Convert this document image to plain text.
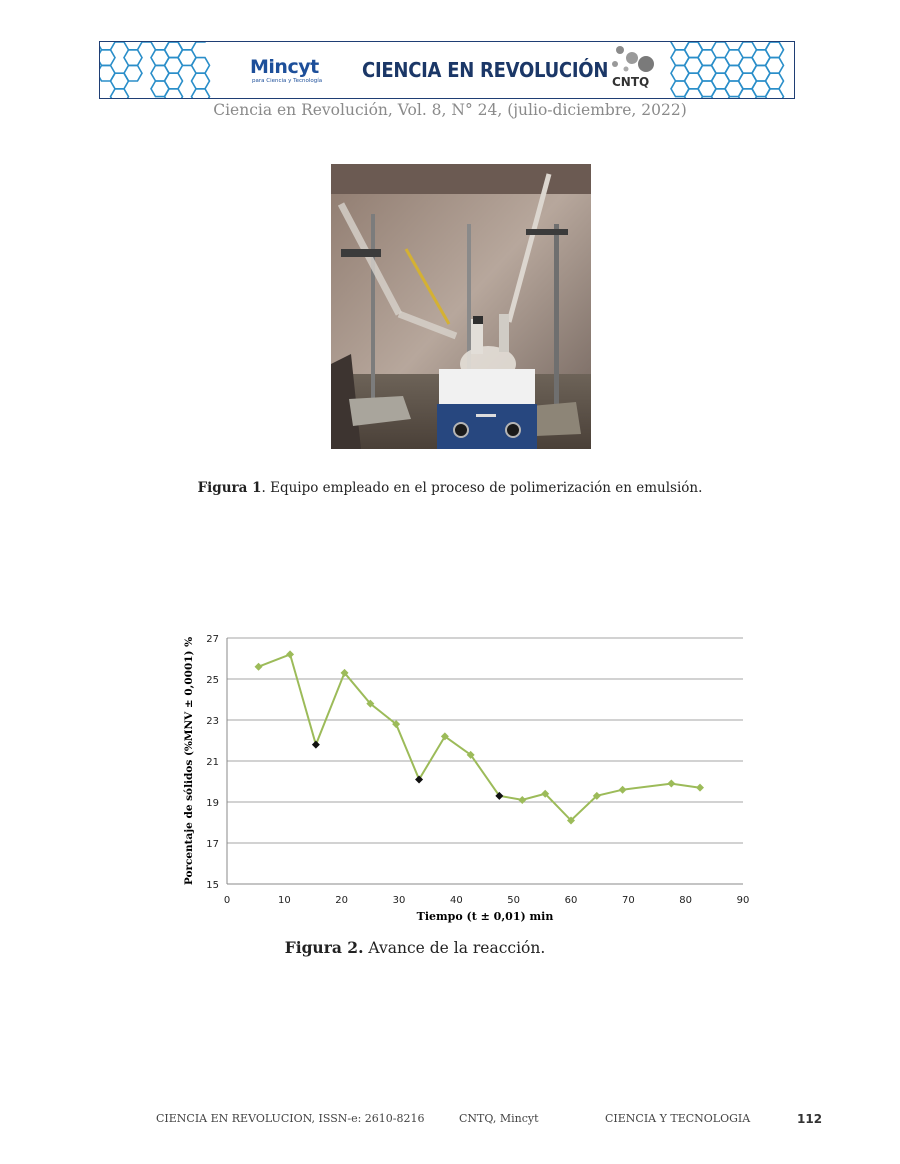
Mincyt
para Ciencia y Tecnología CIENCIA EN REVOLUCIÓN CNTQ
Ciencia en Revolución, Vol. 8, N° 24, (julio-diciembre, 2022)
Figura 1. Equipo empleado en el proceso de polimerización en emulsión.
15
17
19
21
23
25
27
0	10	20	30	40	50	60	70	80	90
Tiempo (t ± 0,01) min
Porcentaje de sólidos (%MNV ± 0,0001) %
Figura 2. Avance de la reacción.
CIENCIA EN REVOLUCION, ISSN-e: 2610-8216	CNTQ, Mincyt	CIENCIA Y TECNOLOGIA	112
